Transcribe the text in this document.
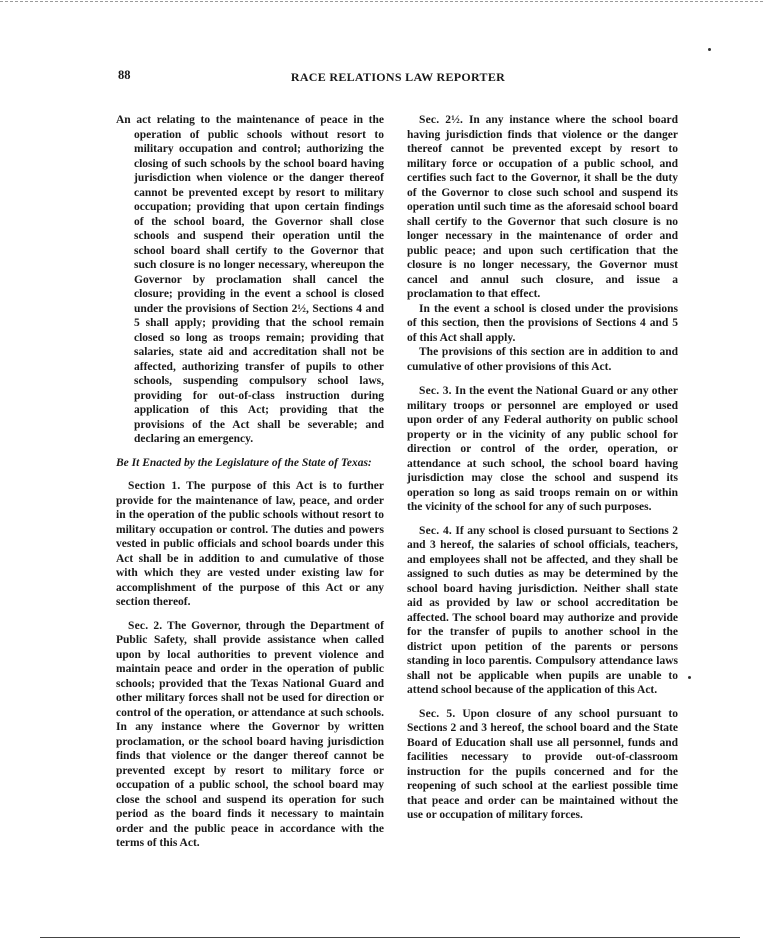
88	RACE RELATIONS LAW REPORTER

An act relating to the maintenance of peace in the operation of public schools without resort to military occupation and control; authorizing the closing of such schools by the school board having jurisdiction when violence or the danger thereof cannot be prevented except by resort to military occupation; providing that upon certain findings of the school board, the Governor shall close schools and suspend their operation until the school board shall certify to the Governor that such closure is no longer necessary, whereupon the Governor by proclamation shall cancel the closure; providing in the event a school is closed under the provisions of Section 2½, Sections 4 and 5 shall apply; providing that the school remain closed so long as troops remain; providing that salaries, state aid and accreditation shall not be affected, authorizing transfer of pupils to other schools, suspending compulsory school laws, providing for out-of-class instruction during application of this Act; providing that the provisions of the Act shall be severable; and declaring an emergency.

Be It Enacted by the Legislature of the State of Texas:

Section 1. The purpose of this Act is to further provide for the maintenance of law, peace, and order in the operation of the public schools without resort to military occupation or control. The duties and powers vested in public officials and school boards under this Act shall be in addition to and cumulative of those with which they are vested under existing law for accomplishment of the purpose of this Act or any section thereof.

Sec. 2. The Governor, through the Department of Public Safety, shall provide assistance when called upon by local authorities to prevent violence and maintain peace and order in the operation of public schools; provided that the Texas National Guard and other military forces shall not be used for direction or control of the operation, or attendance at such schools. In any instance where the Governor by written proclamation, or the school board having jurisdiction finds that violence or the danger thereof cannot be prevented except by resort to military force or occupation of a public school, the school board may close the school and suspend its operation for such period as the board finds it necessary to maintain order and the public peace in accordance with the terms of this Act.

Sec. 2½. In any instance where the school board having jurisdiction finds that violence or the danger thereof cannot be prevented except by resort to military force or occupation of a public school, and certifies such fact to the Governor, it shall be the duty of the Governor to close such school and suspend its operation until such time as the aforesaid school board shall certify to the Governor that such closure is no longer necessary in the maintenance of order and public peace; and upon such certification that the closure is no longer necessary, the Governor must cancel and annul such closure, and issue a proclamation to that effect.

In the event a school is closed under the provisions of this section, then the provisions of Sections 4 and 5 of this Act shall apply.

The provisions of this section are in addition to and cumulative of other provisions of this Act.

Sec. 3. In the event the National Guard or any other military troops or personnel are employed or used upon order of any Federal authority on public school property or in the vicinity of any public school for direction or control of the order, operation, or attendance at such school, the school board having jurisdiction may close the school and suspend its operation so long as said troops remain on or within the vicinity of the school for any of such purposes.

Sec. 4. If any school is closed pursuant to Sections 2 and 3 hereof, the salaries of school officials, teachers, and employees shall not be affected, and they shall be assigned to such duties as may be determined by the school board having jurisdiction. Neither shall state aid as provided by law or school accreditation be affected. The school board may authorize and provide for the transfer of pupils to another school in the district upon petition of the parents or persons standing in loco parentis. Compulsory attendance laws shall not be applicable when pupils are unable to attend school because of the application of this Act.

Sec. 5. Upon closure of any school pursuant to Sections 2 and 3 hereof, the school board and the State Board of Education shall use all personnel, funds and facilities necessary to provide out-of-classroom instruction for the pupils concerned and for the reopening of such school at the earliest possible time that peace and order can be maintained without the use or occupation of military forces.
